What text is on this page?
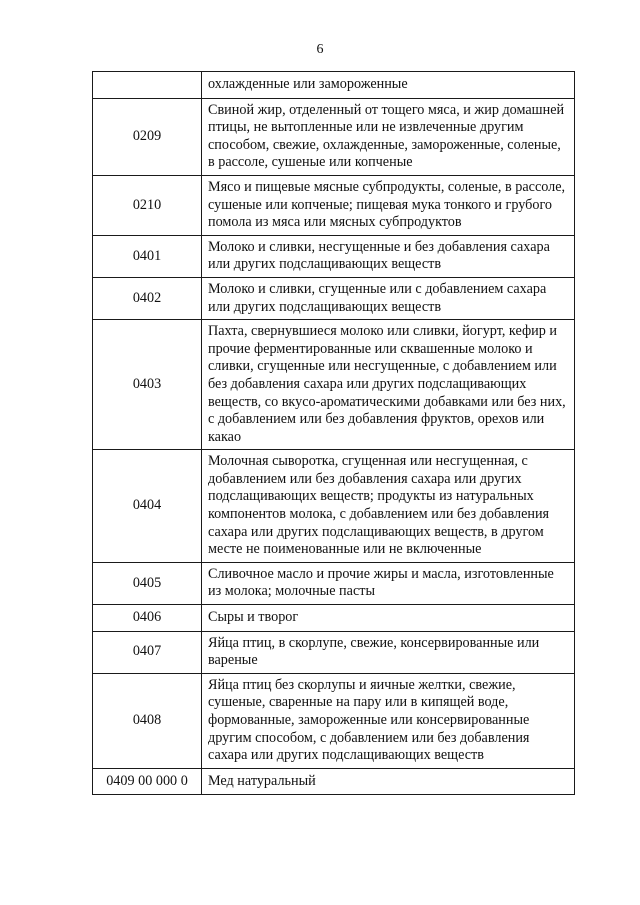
6
	охлажденные или замороженные
0209	Свиной жир, отделенный от тощего мяса, и жир домашней птицы, не вытопленные или не извлеченные другим способом, свежие, охлажденные, замороженные, соленые, в рассоле, сушеные или копченые
0210	Мясо и пищевые мясные субпродукты, соленые, в рассоле, сушеные или копченые; пищевая мука тонкого и грубого помола из мяса или мясных субпродуктов
0401	Молоко и сливки, несгущенные и без добавления сахара или других подслащивающих веществ
0402	Молоко и сливки, сгущенные или с добавлением сахара или других подслащивающих веществ
0403	Пахта, свернувшиеся молоко или сливки, йогурт, кефир и прочие ферментированные или сквашенные молоко и сливки, сгущенные или несгущенные, с добавлением или без добавления сахара или других подслащивающих веществ, со вкусо-ароматическими добавками или без них, с добавлением или без добавления фруктов, орехов или какао
0404	Молочная сыворотка, сгущенная или несгущенная, с добавлением или без добавления сахара или других подслащивающих веществ; продукты из натуральных компонентов молока, с добавлением или без добавления сахара или других подслащивающих веществ, в другом месте не поименованные или не включенные
0405	Сливочное масло и прочие жиры и масла, изготовленные из молока; молочные пасты
0406	Сыры и творог
0407	Яйца птиц, в скорлупе, свежие, консервированные или вареные
0408	Яйца птиц без скорлупы и яичные желтки, свежие, сушеные, сваренные на пару или в кипящей воде, формованные, замороженные или консервированные другим способом, с добавлением или без добавления сахара или других подслащивающих веществ
0409 00 000 0	Мед натуральный
